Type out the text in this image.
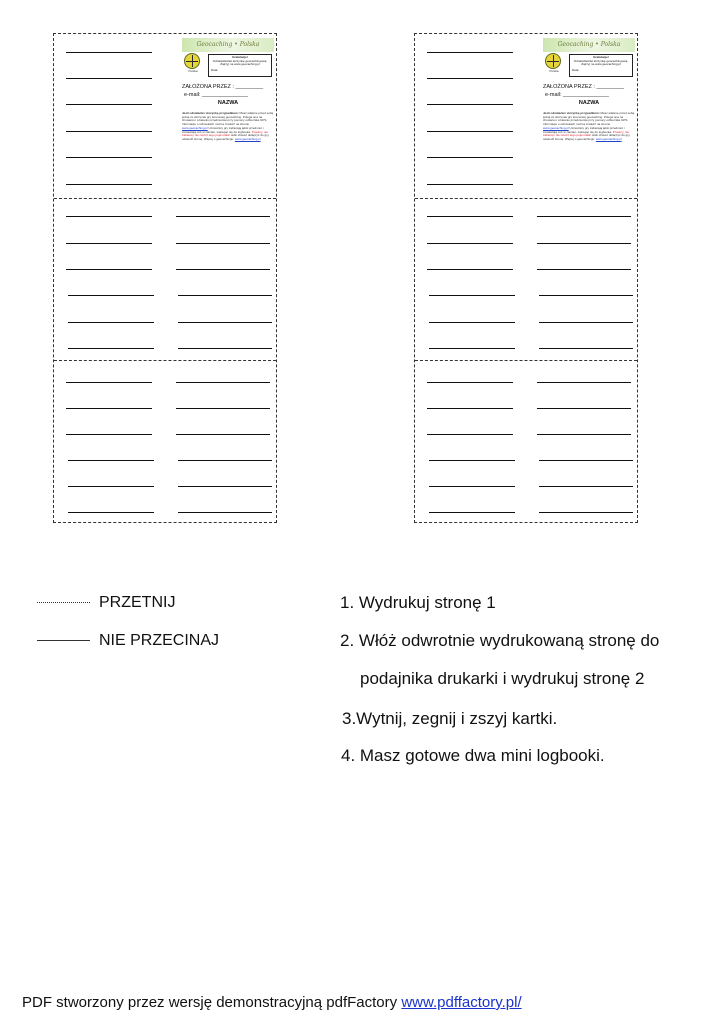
Geocaching • Polska
Polska
Gratulacje!
Odnalazłeś/aś skrzynkę geocachingową. Zajrzyj na www.geocaching.pl
Data:
ZAŁOŻONA PRZEZ : _________
e-mail: _______________
NAZWA
Jeśli odnalazłeś skrzynkę przypadkiem: Masz właśnie przed sobą jedną ze skrzynek gry terenowej geocaching. Polega ona na chowaniu i szukaniu przedmiotów przy pomocy odbiornika GPS. Informacje o schowkach można znaleźć na stronie www.geocaching.pl Uczestnicy gry zabierają jakiś przedmiot i zostawiają coś w zamian, wpisując się do logbooka. Prosimy, nie zabieraj i nie niszcz tego pojemnika! Jeśli chcesz dołączyć do gry, odwiedź stronę. Więcej o geocachingu: www.geocaching.pl
Geocaching • Polska
Polska
Gratulacje!
Odnalazłeś/aś skrzynkę geocachingową. Zajrzyj na www.geocaching.pl
Data:
ZAŁOŻONA PRZEZ : _________
e-mail: _______________
NAZWA
Jeśli odnalazłeś skrzynkę przypadkiem: Masz właśnie przed sobą jedną ze skrzynek gry terenowej geocaching. Polega ona na chowaniu i szukaniu przedmiotów przy pomocy odbiornika GPS. Informacje o schowkach można znaleźć na stronie www.geocaching.pl Uczestnicy gry zabierają jakiś przedmiot i zostawiają coś w zamian, wpisując się do logbooka. Prosimy, nie zabieraj i nie niszcz tego pojemnika! Jeśli chcesz dołączyć do gry, odwiedź stronę. Więcej o geocachingu: www.geocaching.pl
PRZETNIJ
NIE PRZECINAJ
1. Wydrukuj stronę 1
2. Włóż odwrotnie wydrukowaną stronę do
podajnika drukarki i wydrukuj stronę 2
3.Wytnij, zegnij i zszyj kartki.
4. Masz gotowe dwa mini logbooki.
PDF stworzony przez wersję demonstracyjną pdfFactory www.pdffactory.pl/
